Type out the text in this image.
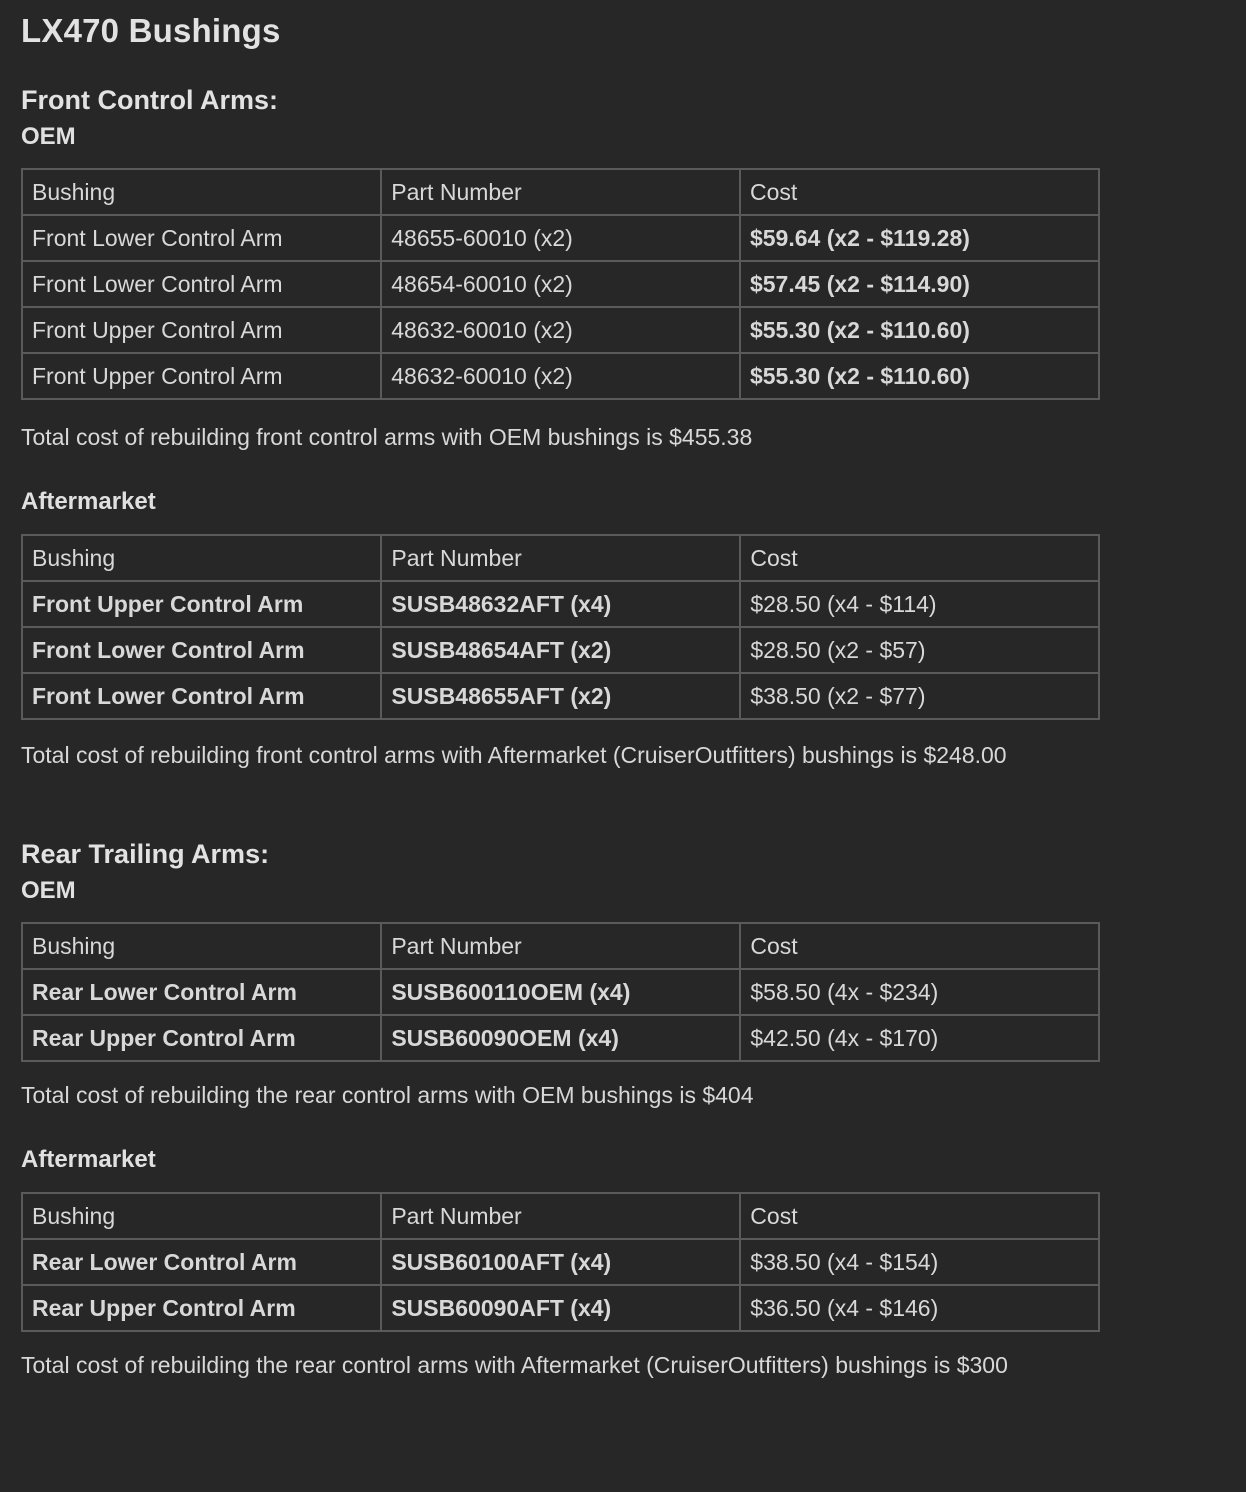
LX470 Bushings
Front Control Arms:
OEM
Bushing	Part Number	Cost
Front Lower Control Arm	48655-60010 (x2)	$59.64 (x2 - $119.28)
Front Lower Control Arm	48654-60010 (x2)	$57.45 (x2 - $114.90)
Front Upper Control Arm	48632-60010 (x2)	$55.30 (x2 - $110.60)
Front Upper Control Arm	48632-60010 (x2)	$55.30 (x2 - $110.60)

Total cost of rebuilding front control arms with OEM bushings is $455.38

Aftermarket
Bushing	Part Number	Cost
Front Upper Control Arm	SUSB48632AFT (x4)	$28.50 (x4 - $114)
Front Lower Control Arm	SUSB48654AFT (x2)	$28.50 (x2 - $57)
Front Lower Control Arm	SUSB48655AFT (x2)	$38.50 (x2 - $77)

Total cost of rebuilding front control arms with Aftermarket (CruiserOutfitters) bushings is $248.00

Rear Trailing Arms:
OEM
Bushing	Part Number	Cost
Rear Lower Control Arm	SUSB600110OEM (x4)	$58.50 (4x - $234)
Rear Upper Control Arm	SUSB60090OEM (x4)	$42.50 (4x - $170)

Total cost of rebuilding the rear control arms with OEM bushings is $404

Aftermarket
Bushing	Part Number	Cost
Rear Lower Control Arm	SUSB60100AFT (x4)	$38.50 (x4 - $154)
Rear Upper Control Arm	SUSB60090AFT (x4)	$36.50 (x4 - $146)

Total cost of rebuilding the rear control arms with Aftermarket (CruiserOutfitters) bushings is $300
